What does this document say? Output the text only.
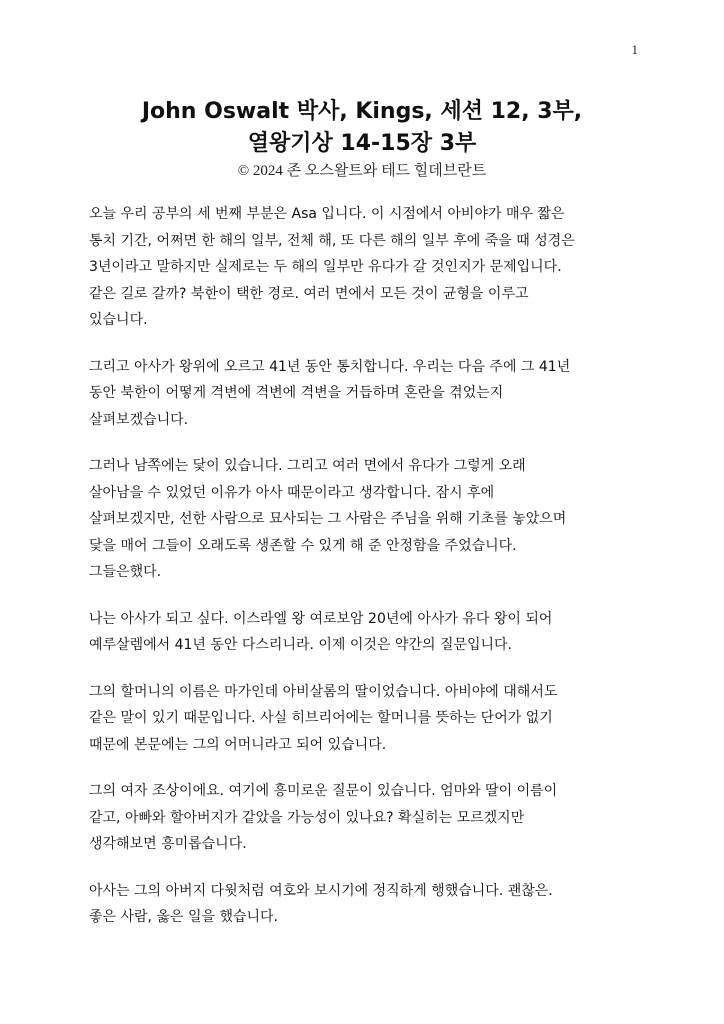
1
John Oswalt 박사, Kings, 세션 12, 3부,
열왕기상 14-15장 3부
© 2024 존 오스왈트와 테드 힐데브란트
오늘 우리 공부의 세 번째 부분은 Asa 입니다. 이 시점에서 아비야가 매우 짧은
통치 기간, 어쩌면 한 해의 일부, 전체 해, 또 다른 해의 일부 후에 죽을 때 성경은
3년이라고 말하지만 실제로는 두 해의 일부만 유다가 갈 것인지가 문제입니다.
같은 길로 갈까? 북한이 택한 경로. 여러 면에서 모든 것이 균형을 이루고
있습니다.
그리고 아사가 왕위에 오르고 41년 동안 통치합니다. 우리는 다음 주에 그 41년
동안 북한이 어떻게 격변에 격변에 격변을 거듭하며 혼란을 겪었는지
살펴보겠습니다.
그러나 남쪽에는 닻이 있습니다. 그리고 여러 면에서 유다가 그렇게 오래
살아남을 수 있었던 이유가 아사 때문이라고 생각합니다. 잠시 후에
살펴보겠지만, 선한 사람으로 묘사되는 그 사람은 주님을 위해 기초를 놓았으며
닻을 매어 그들이 오래도록 생존할 수 있게 해 준 안정함을 주었습니다.
그들은했다.
나는 아사가 되고 싶다. 이스라엘 왕 여로보암 20년에 아사가 유다 왕이 되어
예루살렘에서 41년 동안 다스리니라. 이제 이것은 약간의 질문입니다.
그의 할머니의 이름은 마가인데 아비살롬의 딸이었습니다. 아비야에 대해서도
같은 말이 있기 때문입니다. 사실 히브리어에는 할머니를 뜻하는 단어가 없기
때문에 본문에는 그의 어머니라고 되어 있습니다.
그의 여자 조상이에요. 여기에 흥미로운 질문이 있습니다. 엄마와 딸이 이름이
같고, 아빠와 할아버지가 같았을 가능성이 있나요? 확실히는 모르겠지만
생각해보면 흥미롭습니다.
아사는 그의 아버지 다윗처럼 여호와 보시기에 정직하게 행했습니다. 괜찮은.
좋은 사람, 옳은 일을 했습니다.
